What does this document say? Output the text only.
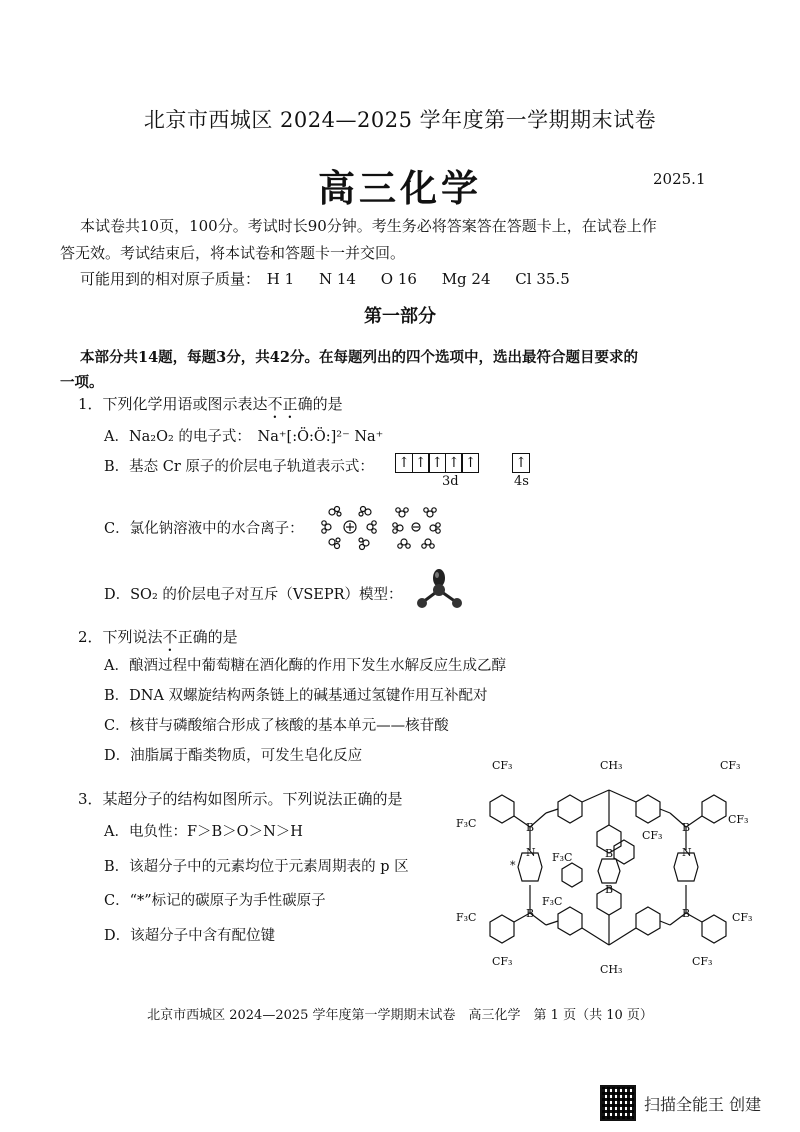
北京市西城区 2024—2025 学年度第一学期期末试卷
高三化学	2025.1
本试卷共10页，100分。考试时长90分钟。考生务必将答案答在答题卡上，在试卷上作
答无效。考试结束后，将本试卷和答题卡一并交回。
可能用到的相对原子质量： H 1 N 14 O 16 Mg 24 Cl 35.5
第一部分
本部分共14题，每题3分，共42分。在每题列出的四个选项中，选出最符合题目要求的
一项。
1．下列化学用语或图示表达不正确的是
A．Na₂O₂ 的电子式： Na⁺[:Ö:Ö:]²⁻ Na⁺
B．基态 Cr 原子的价层电子轨道表示式： ↑ ↑ ↑ ↑ ↑	↑
3d	4s
C．氯化钠溶液中的水合离子：
D．SO₂ 的价层电子对互斥（VSEPR）模型：
2．下列说法不正确的是
A．酿酒过程中葡萄糖在酒化酶的作用下发生水解反应生成乙醇
B．DNA 双螺旋结构两条链上的碱基通过氢键作用互补配对
C．核苷与磷酸缩合形成了核酸的基本单元——核苷酸
D．油脂属于酯类物质，可发生皂化反应
3．某超分子的结构如图所示。下列说法正确的是
A．电负性：F＞B＞O＞N＞H
B．该超分子中的元素均位于元素周期表的 p 区
C．“*”标记的碳原子为手性碳原子
D．该超分子中含有配位键
CF₃	CF₃
F₃C	CF₃
CH₃
CH₃
B	B
B	B
B
B
N	N
*
F₃C	CF₃
CF₃	CF₃
CF₃
F₃C
F₃C
北京市西城区 2024—2025 学年度第一学期期末试卷　高三化学　第 1 页（共 10 页）
扫描全能王 创建
